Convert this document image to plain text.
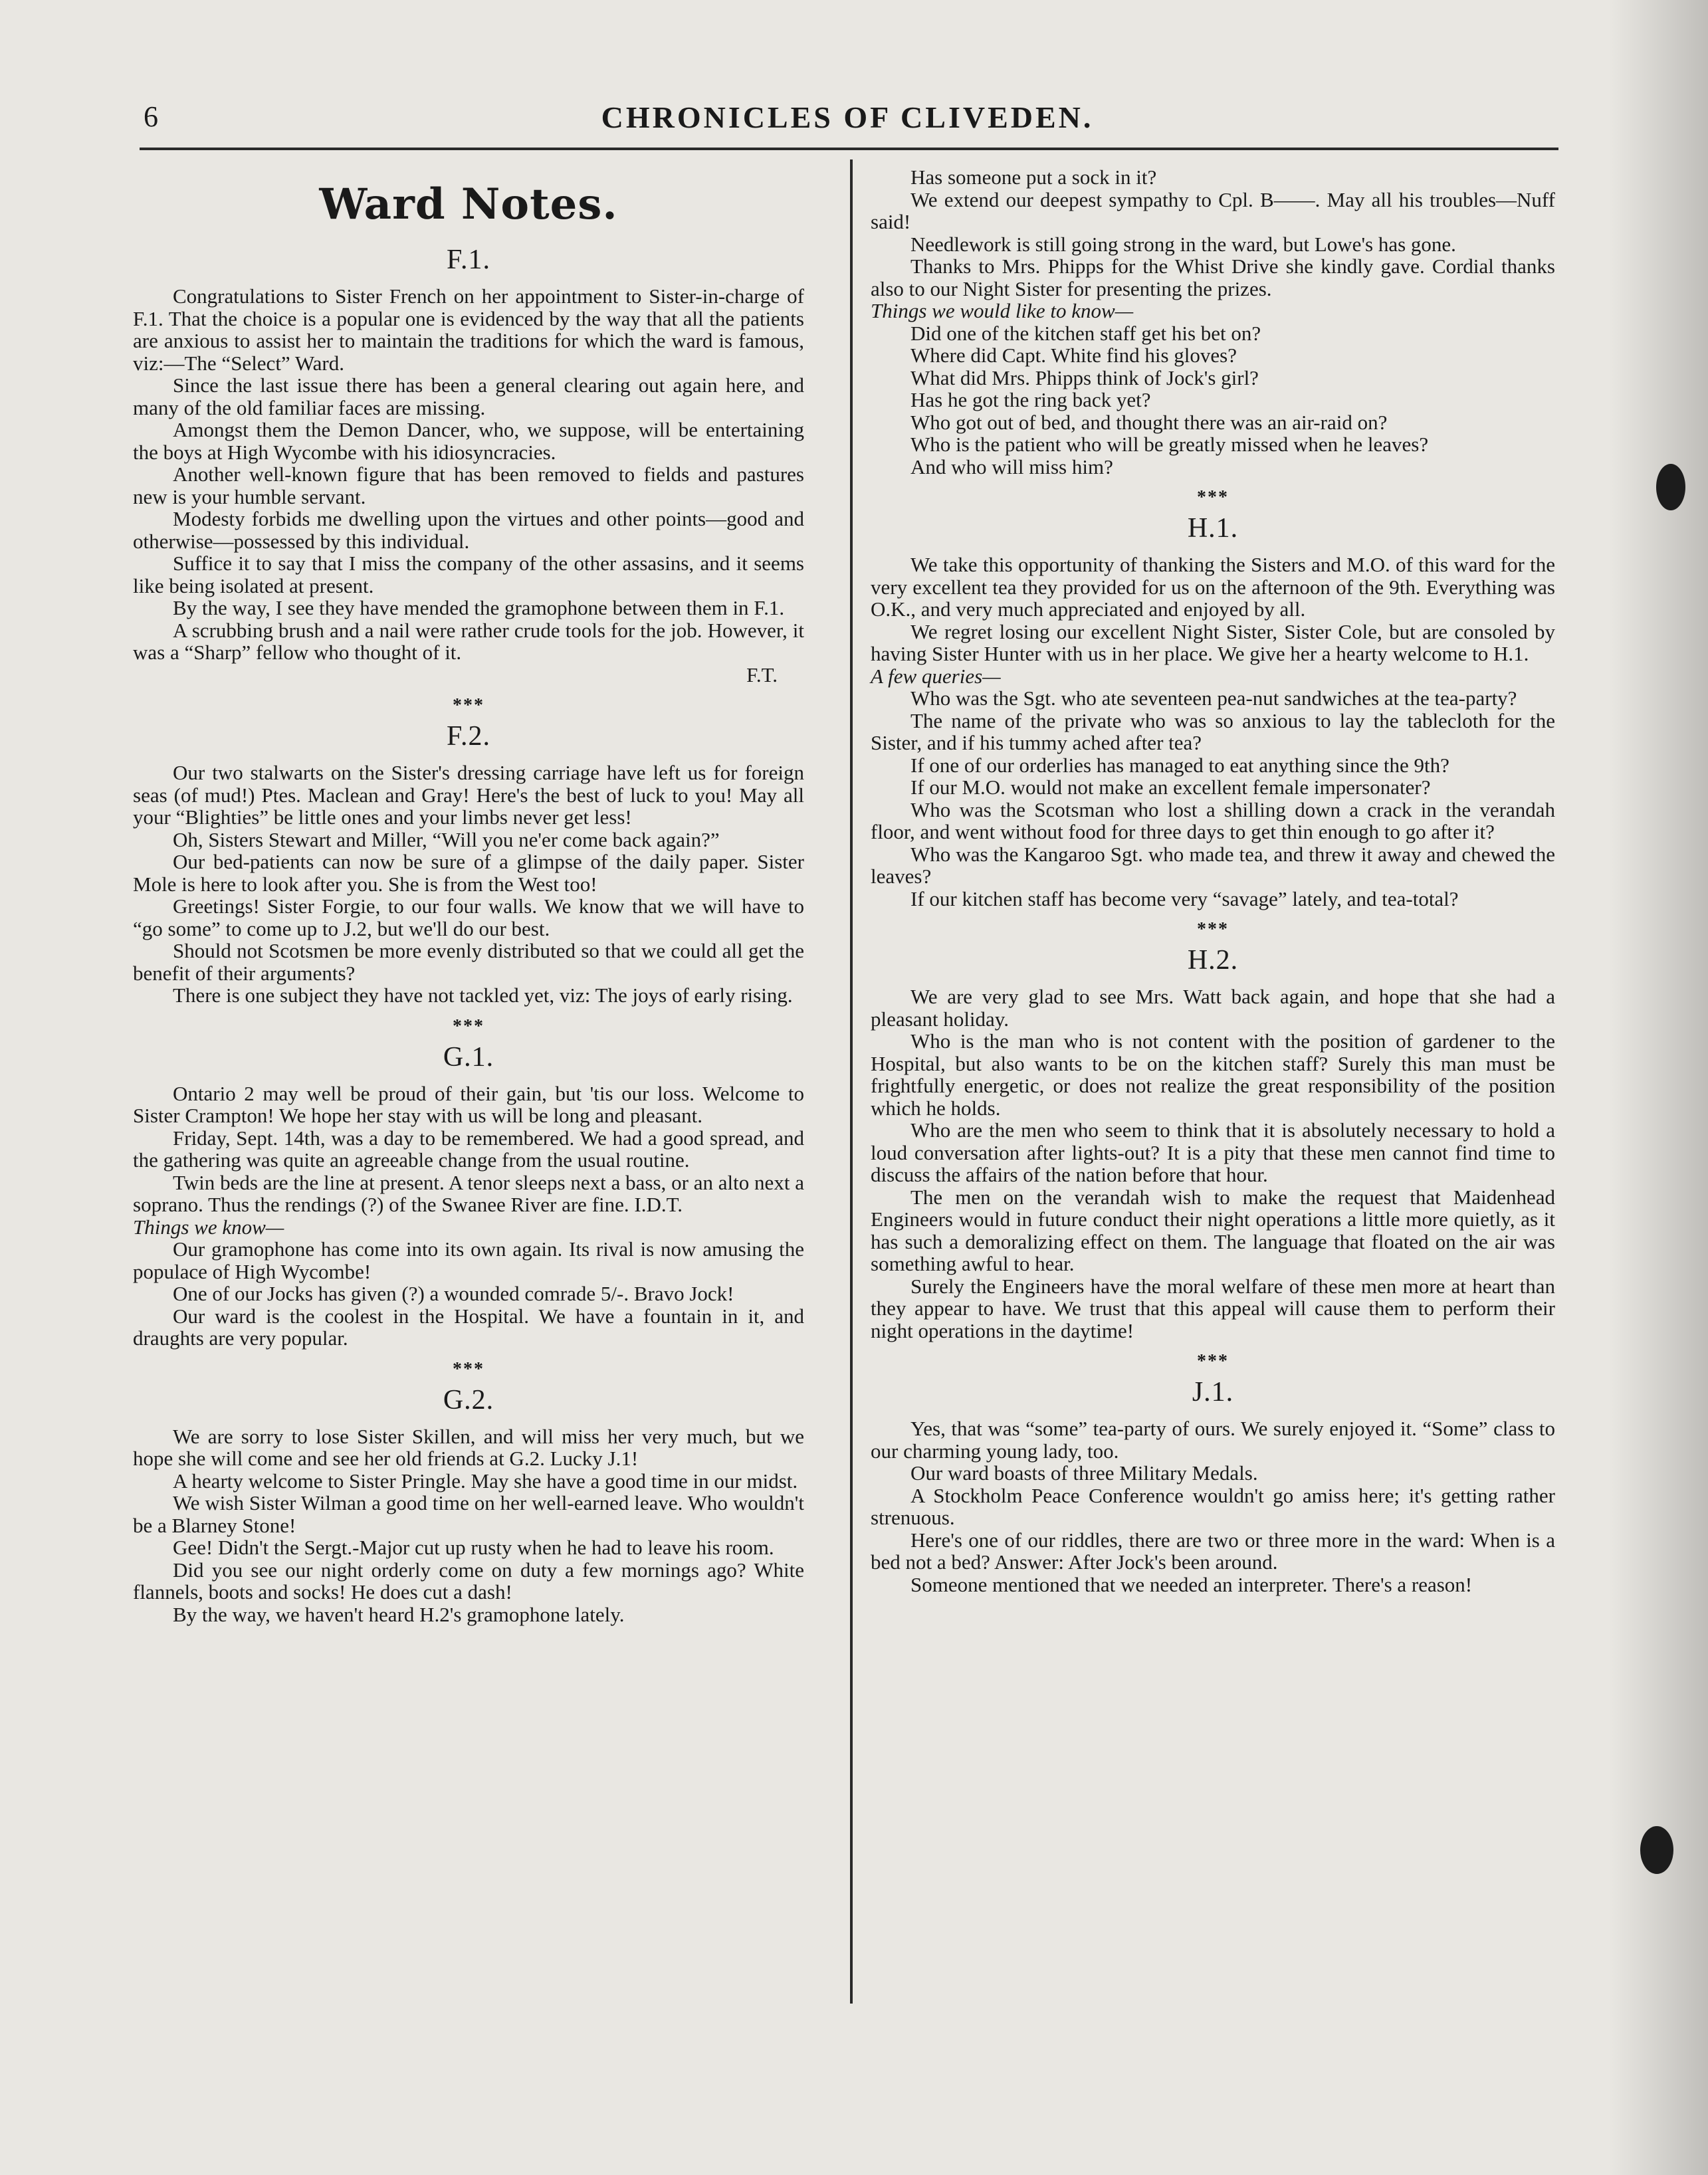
6	CHRONICLES OF CLIVEDEN.
Ward Notes.
F.1.

Congratulations to Sister French on her appointment to Sister-in-charge of F.1. That the choice is a popular one is evidenced by the way that all the patients are anxious to assist her to maintain the traditions for which the ward is famous, viz:—The “Select” Ward.

Since the last issue there has been a general clearing out again here, and many of the old familiar faces are missing.

Amongst them the Demon Dancer, who, we suppose, will be entertaining the boys at High Wycombe with his idiosyncracies.

Another well-known figure that has been removed to fields and pastures new is your humble servant.

Modesty forbids me dwelling upon the virtues and other points—good and otherwise—possessed by this individual.

Suffice it to say that I miss the company of the other assasins, and it seems like being isolated at present.

By the way, I see they have mended the gramophone between them in F.1.

A scrubbing brush and a nail were rather crude tools for the job. However, it was a “Sharp” fellow who thought of it.

F.T.

***
F.2.

Our two stalwarts on the Sister's dressing carriage have left us for foreign seas (of mud!) Ptes. Maclean and Gray! Here's the best of luck to you! May all your “Blighties” be little ones and your limbs never get less!

Oh, Sisters Stewart and Miller, “Will you ne'er come back again?”

Our bed-patients can now be sure of a glimpse of the daily paper. Sister Mole is here to look after you. She is from the West too!

Greetings! Sister Forgie, to our four walls. We know that we will have to “go some” to come up to J.2, but we'll do our best.

Should not Scotsmen be more evenly distributed so that we could all get the benefit of their arguments?

There is one subject they have not tackled yet, viz: The joys of early rising.

***
G.1.

Ontario 2 may well be proud of their gain, but 'tis our loss. Welcome to Sister Crampton! We hope her stay with us will be long and pleasant.

Friday, Sept. 14th, was a day to be remembered. We had a good spread, and the gathering was quite an agreeable change from the usual routine.

Twin beds are the line at present. A tenor sleeps next a bass, or an alto next a soprano. Thus the rendings (?) of the Swanee River are fine. I.D.T.

Things we know—

Our gramophone has come into its own again. Its rival is now amusing the populace of High Wycombe!

One of our Jocks has given (?) a wounded comrade 5/-. Bravo Jock!

Our ward is the coolest in the Hospital. We have a fountain in it, and draughts are very popular.

***
G.2.

We are sorry to lose Sister Skillen, and will miss her very much, but we hope she will come and see her old friends at G.2. Lucky J.1!

A hearty welcome to Sister Pringle. May she have a good time in our midst.

We wish Sister Wilman a good time on her well-earned leave. Who wouldn't be a Blarney Stone!

Gee! Didn't the Sergt.-Major cut up rusty when he had to leave his room.

Did you see our night orderly come on duty a few mornings ago? White flannels, boots and socks! He does cut a dash!

By the way, we haven't heard H.2's gramophone lately.

Has someone put a sock in it?

We extend our deepest sympathy to Cpl. B——. May all his troubles—Nuff said!

Needlework is still going strong in the ward, but Lowe's has gone.

Thanks to Mrs. Phipps for the Whist Drive she kindly gave. Cordial thanks also to our Night Sister for presenting the prizes.

Things we would like to know—

Did one of the kitchen staff get his bet on?

Where did Capt. White find his gloves?

What did Mrs. Phipps think of Jock's girl?

Has he got the ring back yet?

Who got out of bed, and thought there was an air-raid on?

Who is the patient who will be greatly missed when he leaves?

And who will miss him?

***
H.1.

We take this opportunity of thanking the Sisters and M.O. of this ward for the very excellent tea they provided for us on the afternoon of the 9th. Everything was O.K., and very much appreciated and enjoyed by all.

We regret losing our excellent Night Sister, Sister Cole, but are consoled by having Sister Hunter with us in her place. We give her a hearty welcome to H.1.

A few queries—

Who was the Sgt. who ate seventeen pea-nut sandwiches at the tea-party?

The name of the private who was so anxious to lay the tablecloth for the Sister, and if his tummy ached after tea?

If one of our orderlies has managed to eat anything since the 9th?

If our M.O. would not make an excellent female impersonater?

Who was the Scotsman who lost a shilling down a crack in the verandah floor, and went without food for three days to get thin enough to go after it?

Who was the Kangaroo Sgt. who made tea, and threw it away and chewed the leaves?

If our kitchen staff has become very “savage” lately, and tea-total?

***
H.2.

We are very glad to see Mrs. Watt back again, and hope that she had a pleasant holiday.

Who is the man who is not content with the position of gardener to the Hospital, but also wants to be on the kitchen staff? Surely this man must be frightfully energetic, or does not realize the great responsibility of the position which he holds.

Who are the men who seem to think that it is absolutely necessary to hold a loud conversation after lights-out? It is a pity that these men cannot find time to discuss the affairs of the nation before that hour.

The men on the verandah wish to make the request that Maidenhead Engineers would in future conduct their night operations a little more quietly, as it has such a demoralizing effect on them. The language that floated on the air was something awful to hear.

Surely the Engineers have the moral welfare of these men more at heart than they appear to have. We trust that this appeal will cause them to perform their night operations in the daytime!

***
J.1.

Yes, that was “some” tea-party of ours. We surely enjoyed it. “Some” class to our charming young lady, too.

Our ward boasts of three Military Medals.

A Stockholm Peace Conference wouldn't go amiss here; it's getting rather strenuous.

Here's one of our riddles, there are two or three more in the ward: When is a bed not a bed? Answer: After Jock's been around.

Someone mentioned that we needed an interpreter. There's a reason!
